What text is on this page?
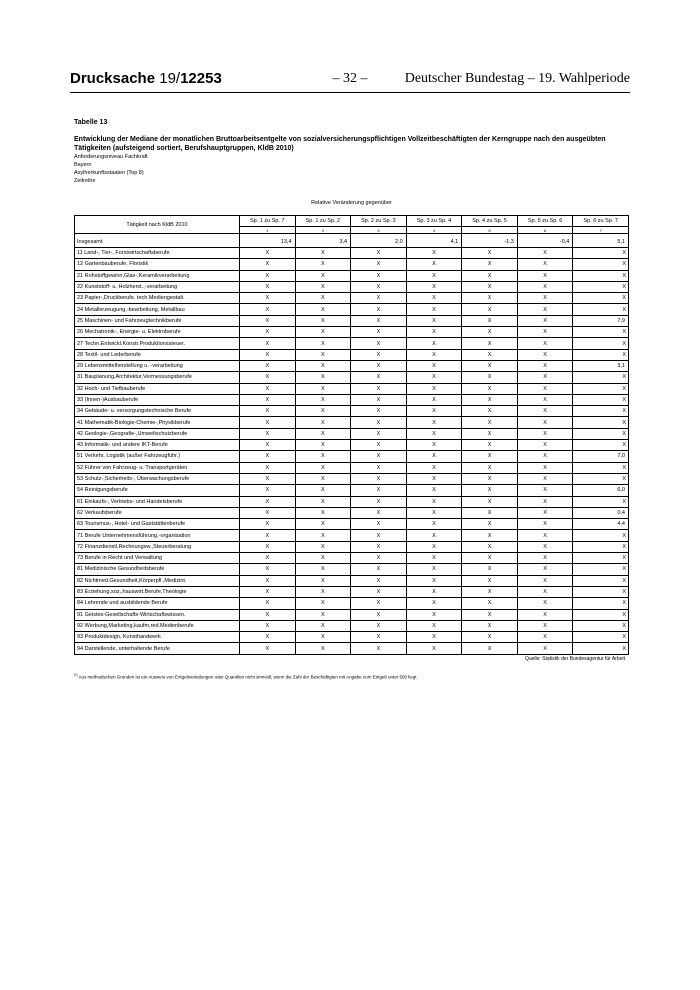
Drucksache 19/12253	– 32 –	Deutscher Bundestag – 19. Wahlperiode
Tabelle 13
Entwicklung der Mediane der monatlichen Bruttoarbeitsentgelte von sozialversicherungspflichtigen Vollzeitbeschäftigten der Kerngruppe nach den ausgeübten Tätigkeiten (aufsteigend sortiert, Berufshauptgruppen, KldB 2010)
Anforderungsniveau Fachkraft
Bayern
Asylherkunftsstaaten (Top 8)
Zeitreihe
Relative Veränderung gegenüber
Tätigkeit nach KldB 2010	Sp. 1 zu Sp. 7	Sp. 1 zu Sp. 2	Sp. 2 zu Sp. 3	Sp. 3 zu Sp. 4	Sp. 4 zu Sp. 5	Sp. 5 zu Sp. 6	Sp. 6 zu Sp. 7
	1	2	3	4	5	6	7
Insgesamt	13,4	3,4	2,0	4,1	-1,3	-0,4	5,1
11 Land-, Tier-, Forstwirtschaftsberufe	X	X	X	X	X	X	X
12 Gartenbauberufe, Floristik	X	X	X	X	X	X	X
21 Rohstoffgewinn,Glas-,Keramikverarbeitung	X	X	X	X	X	X	X
22 Kunststoff- u. Holzherst.,-verarbeitung	X	X	X	X	X	X	X
23 Papier-,Druckberufe, tech.Mediengestalt.	X	X	X	X	X	X	X
24 Metallerzeugung,-bearbeitung, Metallbau	X	X	X	X	X	X	X
25 Maschinen- und Fahrzeugtechnikberufe	X	X	X	X	X	X	7,9
26 Mechatronik-, Energie- u. Elektroberufe	X	X	X	X	X	X	X
27 Techn.Entwickl.Konstr.Produktionssteuer.	X	X	X	X	X	X	X
28 Textil- und Lederberufe	X	X	X	X	X	X	X
29 Lebensmittelherstellung u. -verarbeitung	X	X	X	X	X	X	3,1
31 Bauplanung,Architektur,Vermessungsberufe	X	X	X	X	X	X	X
32 Hoch- und Tiefbauberufe	X	X	X	X	X	X	X
33 (Innen-)Ausbauberufe	X	X	X	X	X	X	X
34 Gebäude- u. versorgungstechnische Berufe	X	X	X	X	X	X	X
41 Mathematik-Biologie-Chemie-,Physikberufe	X	X	X	X	X	X	X
42 Geologie-,Geografie-,Umweltschutzberufe	X	X	X	X	X	X	X
43 Informatik- und andere IKT-Berufe	X	X	X	X	X	X	X
51 Verkehr, Logistik (außer Fahrzeugführ.)	X	X	X	X	X	X	7,0
52 Führer von Fahrzeug- u. Transportgeräten	X	X	X	X	X	X	X
53 Schutz-,Sicherheits-, Überwachungsberufe	X	X	X	X	X	X	X
54 Reinigungsberufe	X	X	X	X	X	X	6,0
61 Einkaufs-, Vertriebs- und Handelsberufe	X	X	X	X	X	X	X
62 Verkaufsberufe	X	X	X	X	X	X	0,4
63 Tourismus-, Hotel- und Gaststättenberufe	X	X	X	X	X	X	4,4
71 Berufe Unternehmensführung,-organisation	X	X	X	X	X	X	X
72 Finanzdienstl.Rechnungsw.,Steuerberatung	X	X	X	X	X	X	X
73 Berufe in Recht und Verwaltung	X	X	X	X	X	X	X
81 Medizinische Gesundheitsberufe	X	X	X	X	X	X	X
82 Nichtmed.Gesundheit,Körperpfl.,Medizint.	X	X	X	X	X	X	X
83 Erziehung,soz.,hauswirt.Berufe,Theologie	X	X	X	X	X	X	X
84 Lehrende und ausbildende Berufe	X	X	X	X	X	X	X
91 Geistes-Gesellschafts-Wirtschaftswissen.	X	X	X	X	X	X	X
92 Werbung,Marketing,kaufm,red.Medienberufe	X	X	X	X	X	X	X
93 Produktdesign, Kunsthandwerk	X	X	X	X	X	X	X
94 Darstellende, unterhaltende Berufe	X	X	X	X	X	X	X
Quelle: Statistik der Bundesagentur für Arbeit
$^{X)}$ Aus methodischen Gründen ist ein Ausweis von Entgeltverteilungen oder Quantilen nicht sinnvoll, wenn die Zahl der Beschäftigten mit Angabe zum Entgelt unter 500 liegt.
